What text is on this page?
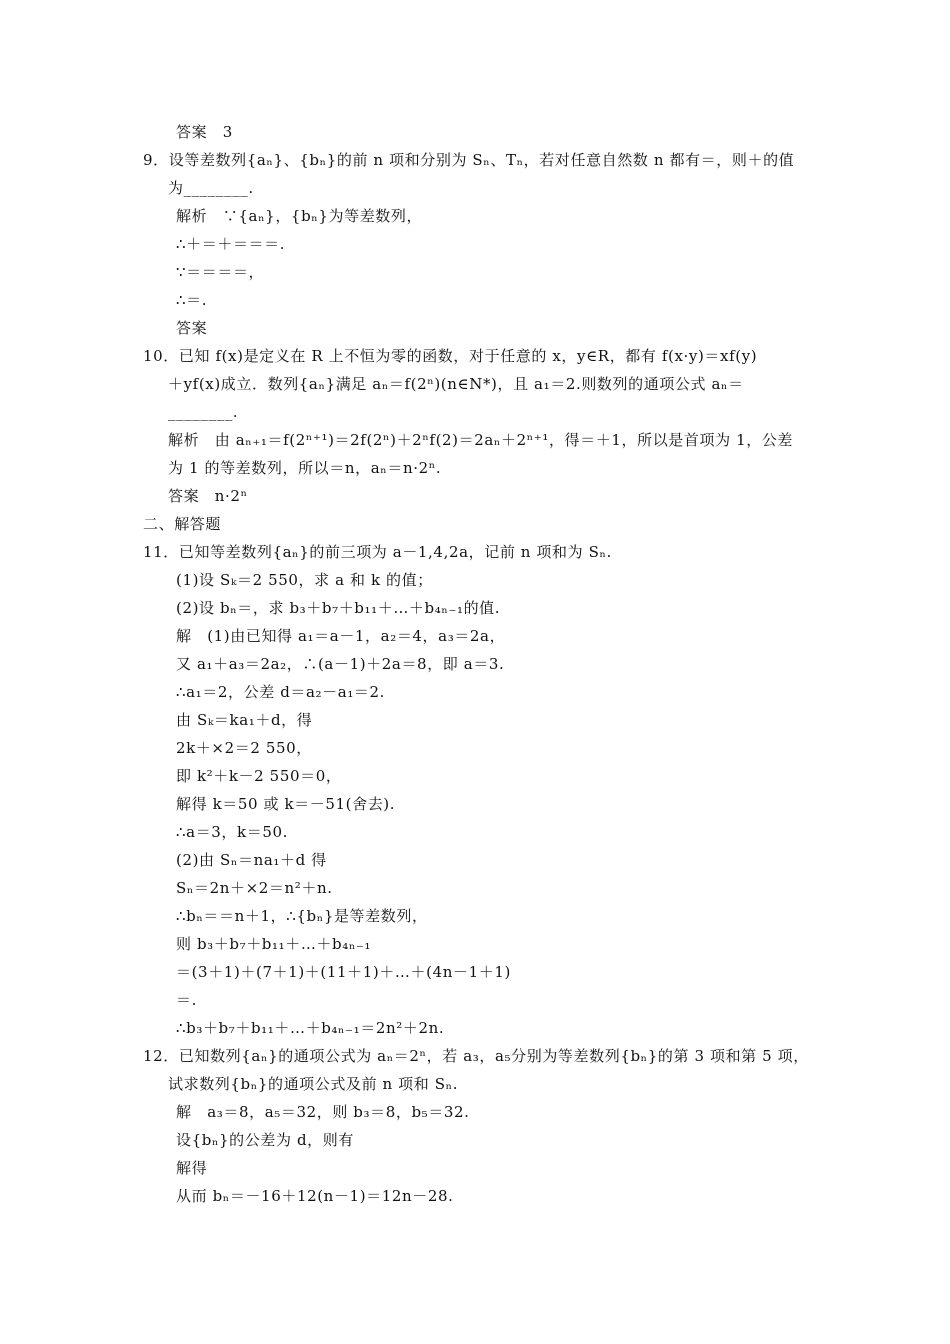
答案　3
9．设等差数列{aₙ}、{bₙ}的前 n 项和分别为 Sₙ、Tₙ，若对任意自然数 n 都有＝，则＋的值
为________.
解析　∵{aₙ}，{bₙ}为等差数列，
∴＋＝＋＝＝＝.
∵＝＝＝＝，
∴＝.
答案
10．已知 f(x)是定义在 R 上不恒为零的函数，对于任意的 x，y∈R，都有 f(x·y)＝xf(y)
＋yf(x)成立．数列{aₙ}满足 aₙ＝f(2ⁿ)(n∈N*)，且 a₁＝2.则数列的通项公式 aₙ＝
________.
解析　由 aₙ₊₁＝f(2ⁿ⁺¹)＝2f(2ⁿ)＋2ⁿf(2)＝2aₙ＋2ⁿ⁺¹，得＝＋1，所以是首项为 1，公差
为 1 的等差数列，所以＝n，aₙ＝n·2ⁿ.
答案　n·2ⁿ
二、解答题
11．已知等差数列{aₙ}的前三项为 a－1,4,2a，记前 n 项和为 Sₙ.
(1)设 Sₖ＝2 550，求 a 和 k 的值；
(2)设 bₙ＝，求 b₃＋b₇＋b₁₁＋…＋b₄ₙ₋₁的值.
解　(1)由已知得 a₁＝a－1，a₂＝4，a₃＝2a，
又 a₁＋a₃＝2a₂，∴(a－1)＋2a＝8，即 a＝3.
∴a₁＝2，公差 d＝a₂－a₁＝2.
由 Sₖ＝ka₁＋d，得
2k＋×2＝2 550，
即 k²＋k－2 550＝0，
解得 k＝50 或 k＝－51(舍去).
∴a＝3，k＝50.
(2)由 Sₙ＝na₁＋d 得
Sₙ＝2n＋×2＝n²＋n.
∴bₙ＝＝n＋1，∴{bₙ}是等差数列，
则 b₃＋b₇＋b₁₁＋…＋b₄ₙ₋₁
＝(3＋1)＋(7＋1)＋(11＋1)＋…＋(4n－1＋1)
＝.
∴b₃＋b₇＋b₁₁＋…＋b₄ₙ₋₁＝2n²＋2n.
12．已知数列{aₙ}的通项公式为 aₙ＝2ⁿ，若 a₃，a₅分别为等差数列{bₙ}的第 3 项和第 5 项，
试求数列{bₙ}的通项公式及前 n 项和 Sₙ.
解　a₃＝8，a₅＝32，则 b₃＝8，b₅＝32.
设{bₙ}的公差为 d，则有
解得
从而 bₙ＝－16＋12(n－1)＝12n－28.
